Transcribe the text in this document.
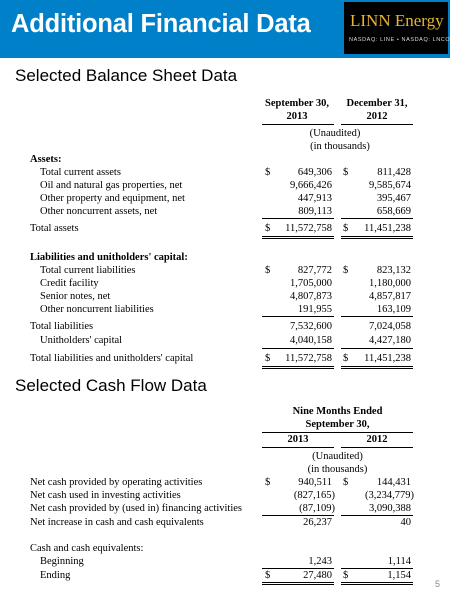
Additional Financial Data LINN Energy
NASDAQ: LINE • NASDAQ: LNCO
Selected Balance Sheet Data
September 30,
2013
December 31,
2012
(Unaudited)
(in thousands)
Assets:
Total current assets	$	649,306 $	811,428
Oil and natural gas properties, net	9,666,426	9,585,674
Other property and equipment, net	447,913	395,467
Other noncurrent assets, net	809,113	658,669
Total assets	$	11,572,758 $	11,451,238
Liabilities and unitholders' capital:
Total current liabilities	$	827,772 $	823,132
Credit facility	1,705,000	1,180,000
Senior notes, net	4,807,873	4,857,817
Other noncurrent liabilities	191,955	163,109
Total liabilities	7,532,600	7,024,058
Unitholders' capital	4,040,158	4,427,180
Total liabilities and unitholders' capital	$	11,572,758 $	11,451,238
Selected Cash Flow Data
Nine Months Ended
September 30,
2013	2012
(Unaudited)
(in thousands)
Net cash provided by operating activities	$	940,511 $	144,431
Net cash used in investing activities	(827,165)	(3,234,779)
Net cash provided by (used in) financing activities	(87,109)	3,090,388
Net increase in cash and cash equivalents	26,237	40
Cash and cash equivalents:
Beginning	1,243	1,114
Ending	$	27,480 $	1,154
5
